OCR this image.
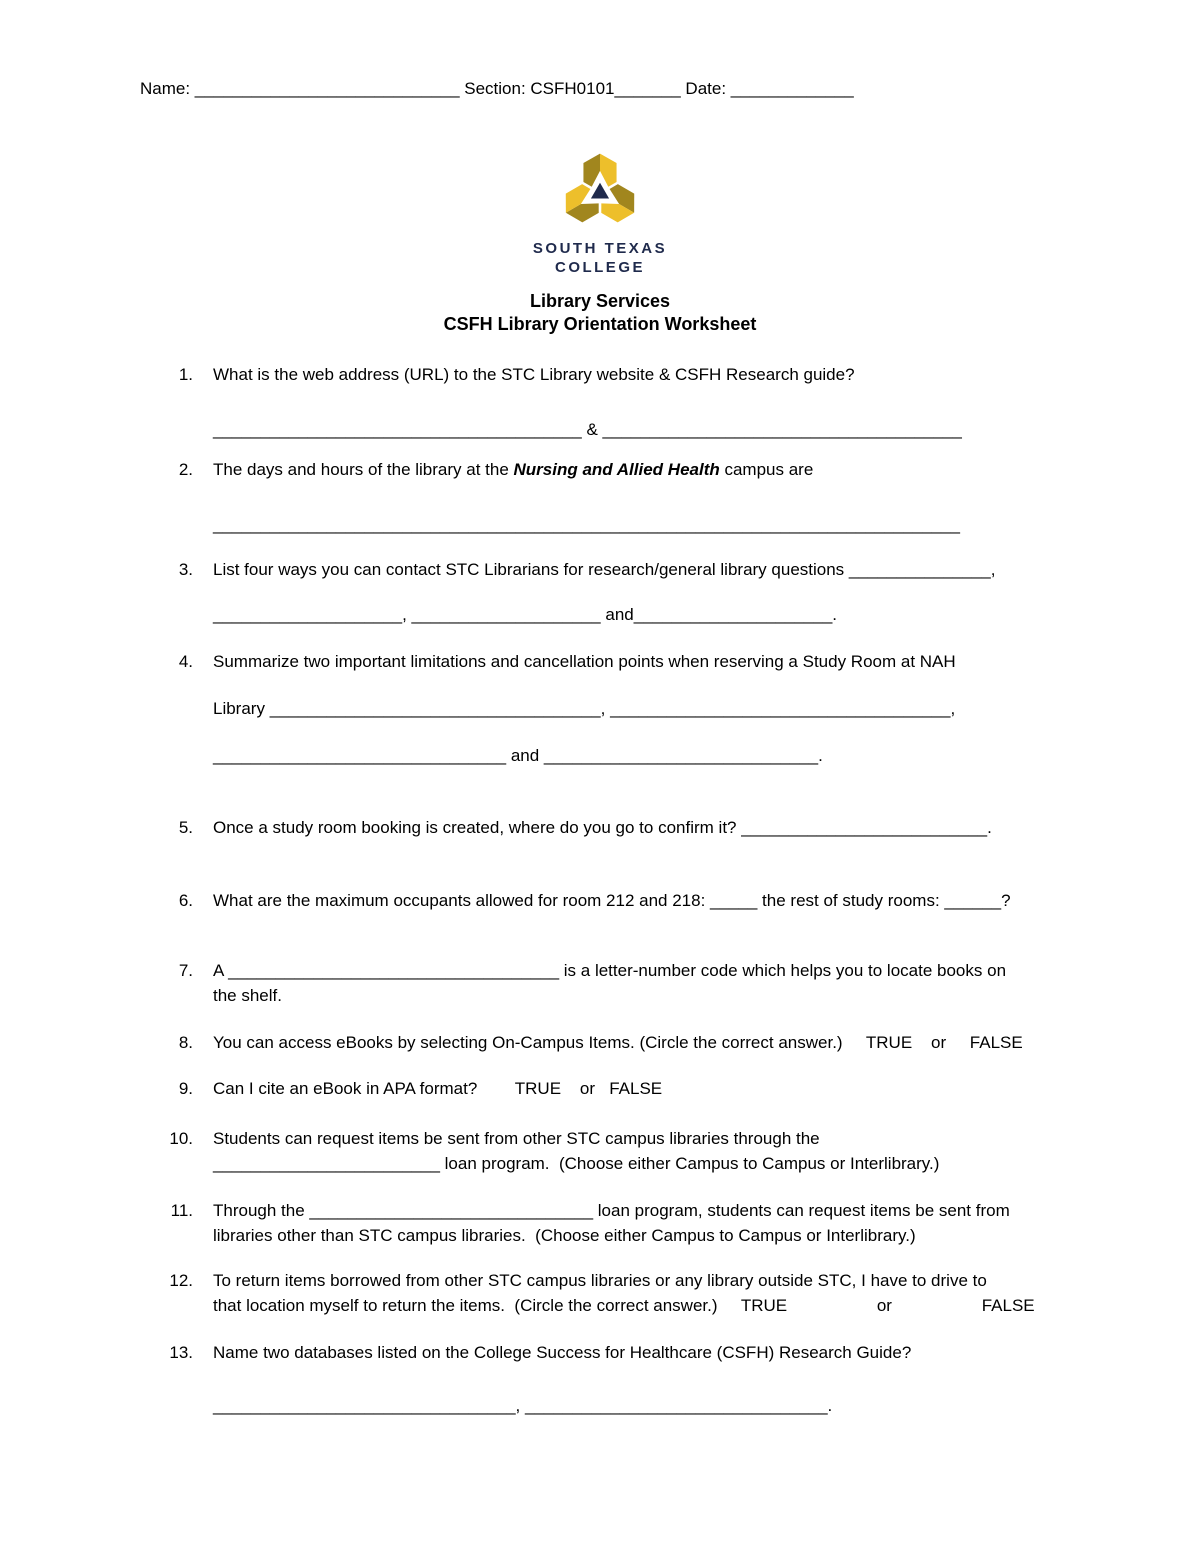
Name: ____________________________ Section: CSFH0101_______ Date: _____________
SOUTH TEXAS
COLLEGE
Library Services
CSFH Library Orientation Worksheet
1.	What is the web address (URL) to the STC Library website & CSFH Research guide?
_______________________________________ & ______________________________________
2.	The days and hours of the library at the Nursing and Allied Health campus are
_______________________________________________________________________________
3.	List four ways you can contact STC Librarians for research/general library questions _______________,
____________________, ____________________ and_____________________.
4.	Summarize two important limitations and cancellation points when reserving a Study Room at NAH
Library ___________________________________, ____________________________________,
_______________________________ and _____________________________.
5.	Once a study room booking is created, where do you go to confirm it? __________________________.
6.	What are the maximum occupants allowed for room 212 and 218: _____ the rest of study rooms: ______?
7.	A ___________________________________ is a letter-number code which helps you to locate books on
the shelf.
8.	You can access eBooks by selecting On-Campus Items. (Circle the correct answer.)     TRUE    or     FALSE
9.	Can I cite an eBook in APA format?        TRUE    or   FALSE
10.	Students can request items be sent from other STC campus libraries through the
________________________ loan program.  (Choose either Campus to Campus or Interlibrary.)
11.	Through the ______________________________ loan program, students can request items be sent from
libraries other than STC campus libraries.  (Choose either Campus to Campus or Interlibrary.)
12.	To return items borrowed from other STC campus libraries or any library outside STC, I have to drive to
that location myself to return the items.  (Circle the correct answer.)     TRUE                   or                   FALSE
13.	Name two databases listed on the College Success for Healthcare (CSFH) Research Guide?
________________________________, ________________________________.
